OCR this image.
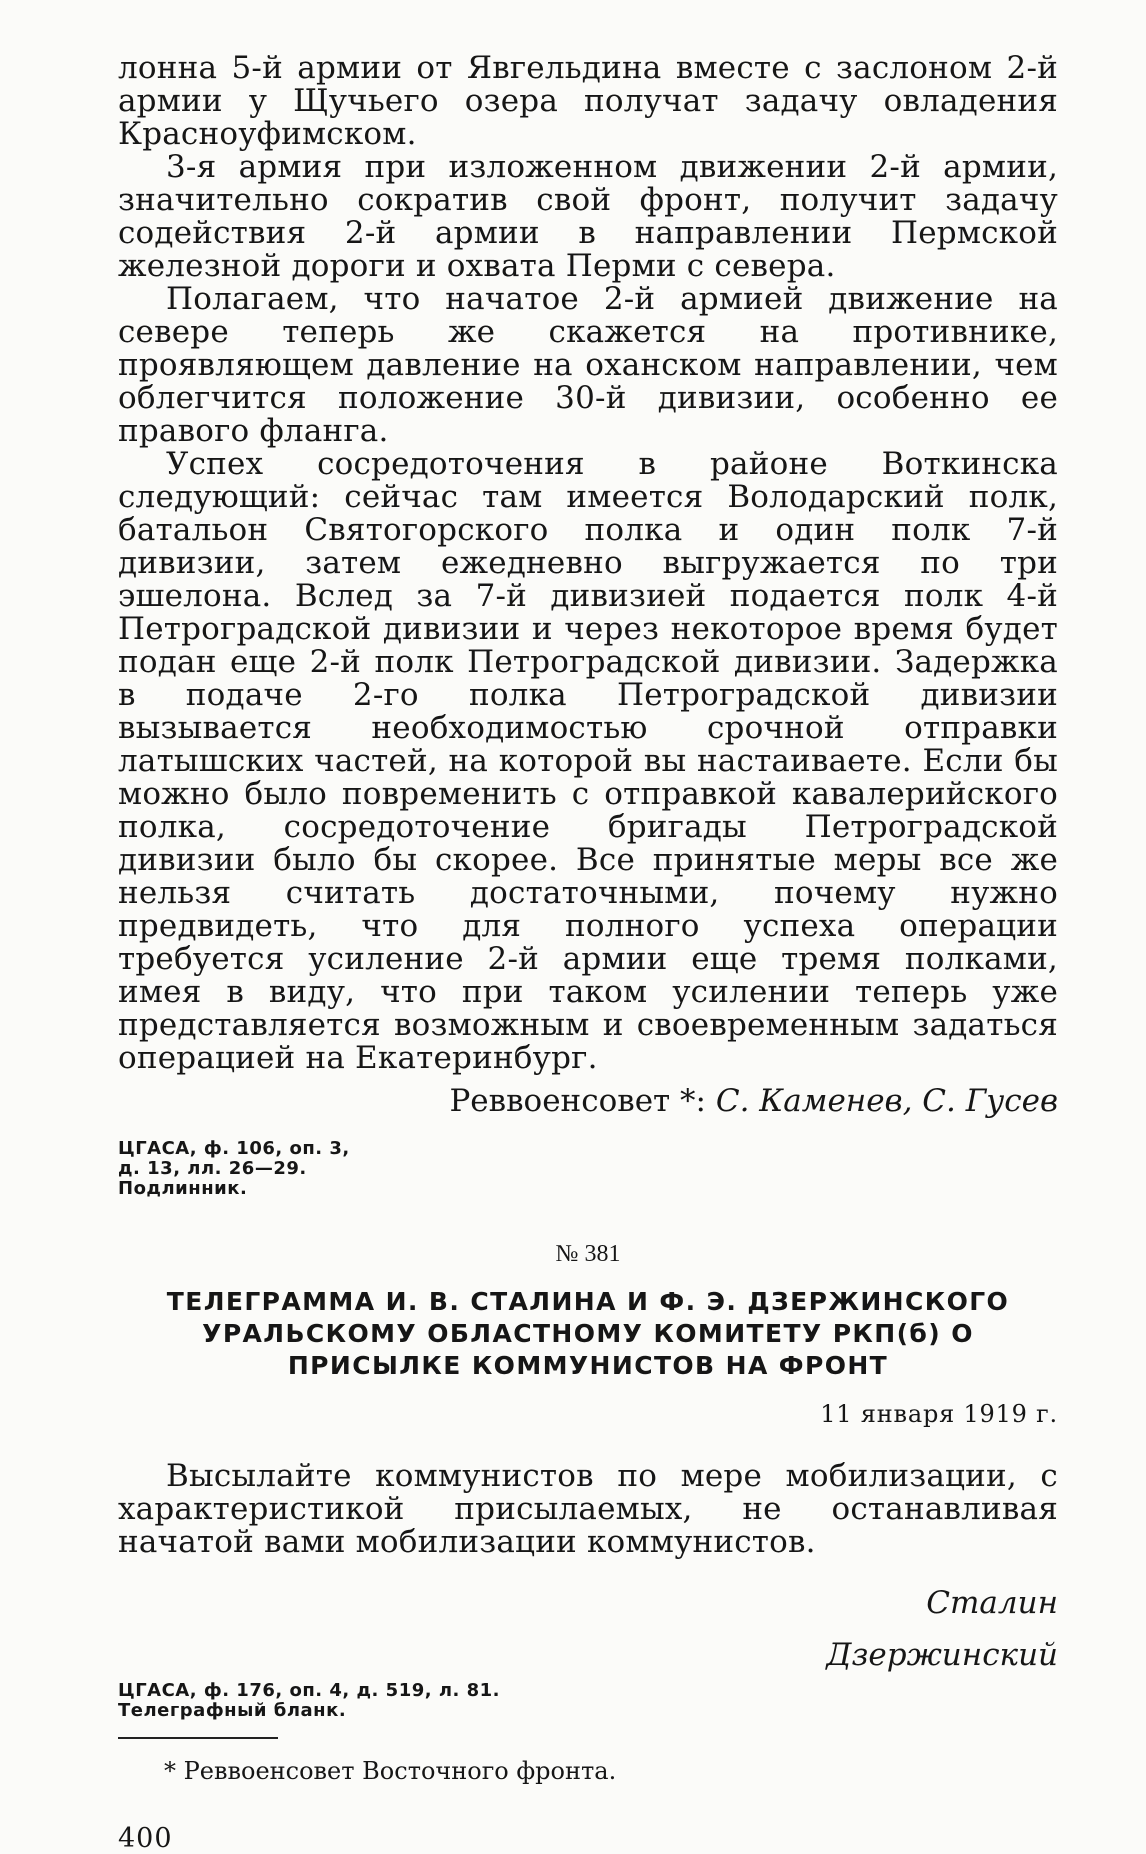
лонна 5-й армии от Явгельдина вместе с заслоном 2-й армии у Щучьего озера получат задачу овладения Красноуфимском.

3-я армия при изложенном движении 2-й армии, значительно сократив свой фронт, получит задачу содействия 2-й армии в направлении Пермской железной дороги и охвата Перми с севера.

Полагаем, что начатое 2-й армией движение на севере теперь же скажется на противнике, проявляющем давление на оханском направлении, чем облегчится положение 30-й дивизии, особенно ее правого фланга.

Успех сосредоточения в районе Воткинска следующий: сейчас там имеется Володарский полк, батальон Святогорского полка и один полк 7-й дивизии, затем ежедневно выгружается по три эшелона. Вслед за 7-й дивизией подается полк 4-й Петроградской дивизии и через некоторое время будет подан еще 2-й полк Петроградской дивизии. Задержка в подаче 2-го полка Петроградской дивизии вызывается необходимостью срочной отправки латышских частей, на которой вы настаиваете. Если бы можно было повременить с отправкой кавалерийского полка, сосредоточение бригады Петроградской дивизии было бы скорее. Все принятые меры все же нельзя считать достаточными, почему нужно предвидеть, что для полного успеха операции требуется усиление 2-й армии еще тремя полками, имея в виду, что при таком усилении теперь уже представляется возможным и своевременным задаться операцией на Екатеринбург.

Реввоенсовет *: С. Каменев, С. Гусев
ЦГАСА, ф. 106, оп. 3, д. 13, лл. 26—29. Подлинник.
№ 381
ТЕЛЕГРАММА И. В. СТАЛИНА И Ф. Э. ДЗЕРЖИНСКОГО УРАЛЬСКОМУ ОБЛАСТНОМУ КОМИТЕТУ РКП(б) О ПРИСЫЛКЕ КОММУНИСТОВ НА ФРОНТ
11 января 1919 г.

Высылайте коммунистов по мере мобилизации, с характеристикой присылаемых, не останавливая начатой вами мобилизации коммунистов.

Сталин
Дзержинский
ЦГАСА, ф. 176, оп. 4, д. 519, л. 81. Телеграфный бланк.
* Реввоенсовет Восточного фронта.
400
